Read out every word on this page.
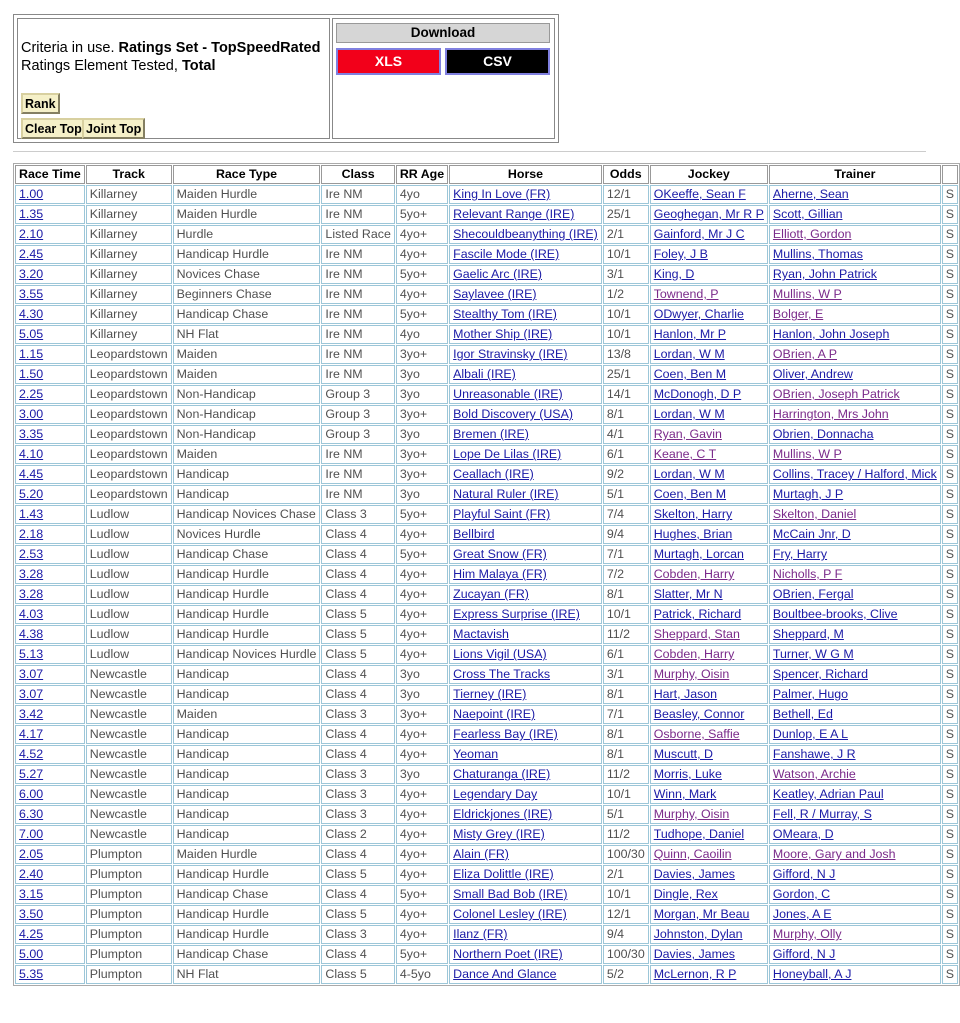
Criteria in use. Ratings Set - TopSpeedRated
Ratings Element Tested, Total
Rank
Clear Top Joint Top
Download
XLS	CSV
Race Time	Track	Race Type	Class	RR Age	Horse	Odds	Jockey	Trainer	
1.00	Killarney	Maiden Hurdle	Ire NM	4yo	King In Love (FR)	12/1	OKeeffe, Sean F	Aherne, Sean	S
1.35	Killarney	Maiden Hurdle	Ire NM	5yo+	Relevant Range (IRE)	25/1	Geoghegan, Mr R P	Scott, Gillian	S
2.10	Killarney	Hurdle	Listed Race	4yo+	Shecouldbeanything (IRE)	2/1	Gainford, Mr J C	Elliott, Gordon	S
2.45	Killarney	Handicap Hurdle	Ire NM	4yo+	Fascile Mode (IRE)	10/1	Foley, J B	Mullins, Thomas	S
3.20	Killarney	Novices Chase	Ire NM	5yo+	Gaelic Arc (IRE)	3/1	King, D	Ryan, John Patrick	S
3.55	Killarney	Beginners Chase	Ire NM	4yo+	Saylavee (IRE)	1/2	Townend, P	Mullins, W P	S
4.30	Killarney	Handicap Chase	Ire NM	5yo+	Stealthy Tom (IRE)	10/1	ODwyer, Charlie	Bolger, E	S
5.05	Killarney	NH Flat	Ire NM	4yo	Mother Ship (IRE)	10/1	Hanlon, Mr P	Hanlon, John Joseph	S
1.15	Leopardstown	Maiden	Ire NM	3yo+	Igor Stravinsky (IRE)	13/8	Lordan, W M	OBrien, A P	S
1.50	Leopardstown	Maiden	Ire NM	3yo	Albali (IRE)	25/1	Coen, Ben M	Oliver, Andrew	S
2.25	Leopardstown	Non-Handicap	Group 3	3yo	Unreasonable (IRE)	14/1	McDonogh, D P	OBrien, Joseph Patrick	S
3.00	Leopardstown	Non-Handicap	Group 3	3yo+	Bold Discovery (USA)	8/1	Lordan, W M	Harrington, Mrs John	S
3.35	Leopardstown	Non-Handicap	Group 3	3yo	Bremen (IRE)	4/1	Ryan, Gavin	Obrien, Donnacha	S
4.10	Leopardstown	Maiden	Ire NM	3yo+	Lope De Lilas (IRE)	6/1	Keane, C T	Mullins, W P	S
4.45	Leopardstown	Handicap	Ire NM	3yo+	Ceallach (IRE)	9/2	Lordan, W M	Collins, Tracey / Halford, Mick	S
5.20	Leopardstown	Handicap	Ire NM	3yo	Natural Ruler (IRE)	5/1	Coen, Ben M	Murtagh, J P	S
1.43	Ludlow	Handicap Novices Chase	Class 3	5yo+	Playful Saint (FR)	7/4	Skelton, Harry	Skelton, Daniel	S
2.18	Ludlow	Novices Hurdle	Class 4	4yo+	Bellbird	9/4	Hughes, Brian	McCain Jnr, D	S
2.53	Ludlow	Handicap Chase	Class 4	5yo+	Great Snow (FR)	7/1	Murtagh, Lorcan	Fry, Harry	S
3.28	Ludlow	Handicap Hurdle	Class 4	4yo+	Him Malaya (FR)	7/2	Cobden, Harry	Nicholls, P F	S
3.28	Ludlow	Handicap Hurdle	Class 4	4yo+	Zucayan (FR)	8/1	Slatter, Mr N	OBrien, Fergal	S
4.03	Ludlow	Handicap Hurdle	Class 5	4yo+	Express Surprise (IRE)	10/1	Patrick, Richard	Boultbee-brooks, Clive	S
4.38	Ludlow	Handicap Hurdle	Class 5	4yo+	Mactavish	11/2	Sheppard, Stan	Sheppard, M	S
5.13	Ludlow	Handicap Novices Hurdle	Class 5	4yo+	Lions Vigil (USA)	6/1	Cobden, Harry	Turner, W G M	S
3.07	Newcastle	Handicap	Class 4	3yo	Cross The Tracks	3/1	Murphy, Oisin	Spencer, Richard	S
3.07	Newcastle	Handicap	Class 4	3yo	Tierney (IRE)	8/1	Hart, Jason	Palmer, Hugo	S
3.42	Newcastle	Maiden	Class 3	3yo+	Naepoint (IRE)	7/1	Beasley, Connor	Bethell, Ed	S
4.17	Newcastle	Handicap	Class 4	4yo+	Fearless Bay (IRE)	8/1	Osborne, Saffie	Dunlop, E A L	S
4.52	Newcastle	Handicap	Class 4	4yo+	Yeoman	8/1	Muscutt, D	Fanshawe, J R	S
5.27	Newcastle	Handicap	Class 3	3yo	Chaturanga (IRE)	11/2	Morris, Luke	Watson, Archie	S
6.00	Newcastle	Handicap	Class 3	4yo+	Legendary Day	10/1	Winn, Mark	Keatley, Adrian Paul	S
6.30	Newcastle	Handicap	Class 3	4yo+	Eldrickjones (IRE)	5/1	Murphy, Oisin	Fell, R / Murray, S	S
7.00	Newcastle	Handicap	Class 2	4yo+	Misty Grey (IRE)	11/2	Tudhope, Daniel	OMeara, D	S
2.05	Plumpton	Maiden Hurdle	Class 4	4yo+	Alain (FR)	100/30	Quinn, Caoilin	Moore, Gary and Josh	S
2.40	Plumpton	Handicap Hurdle	Class 5	4yo+	Eliza Dolittle (IRE)	2/1	Davies, James	Gifford, N J	S
3.15	Plumpton	Handicap Chase	Class 4	5yo+	Small Bad Bob (IRE)	10/1	Dingle, Rex	Gordon, C	S
3.50	Plumpton	Handicap Hurdle	Class 5	4yo+	Colonel Lesley (IRE)	12/1	Morgan, Mr Beau	Jones, A E	S
4.25	Plumpton	Handicap Hurdle	Class 3	4yo+	Ilanz (FR)	9/4	Johnston, Dylan	Murphy, Olly	S
5.00	Plumpton	Handicap Chase	Class 4	5yo+	Northern Poet (IRE)	100/30	Davies, James	Gifford, N J	S
5.35	Plumpton	NH Flat	Class 5	4-5yo	Dance And Glance	5/2	McLernon, R P	Honeyball, A J	S
